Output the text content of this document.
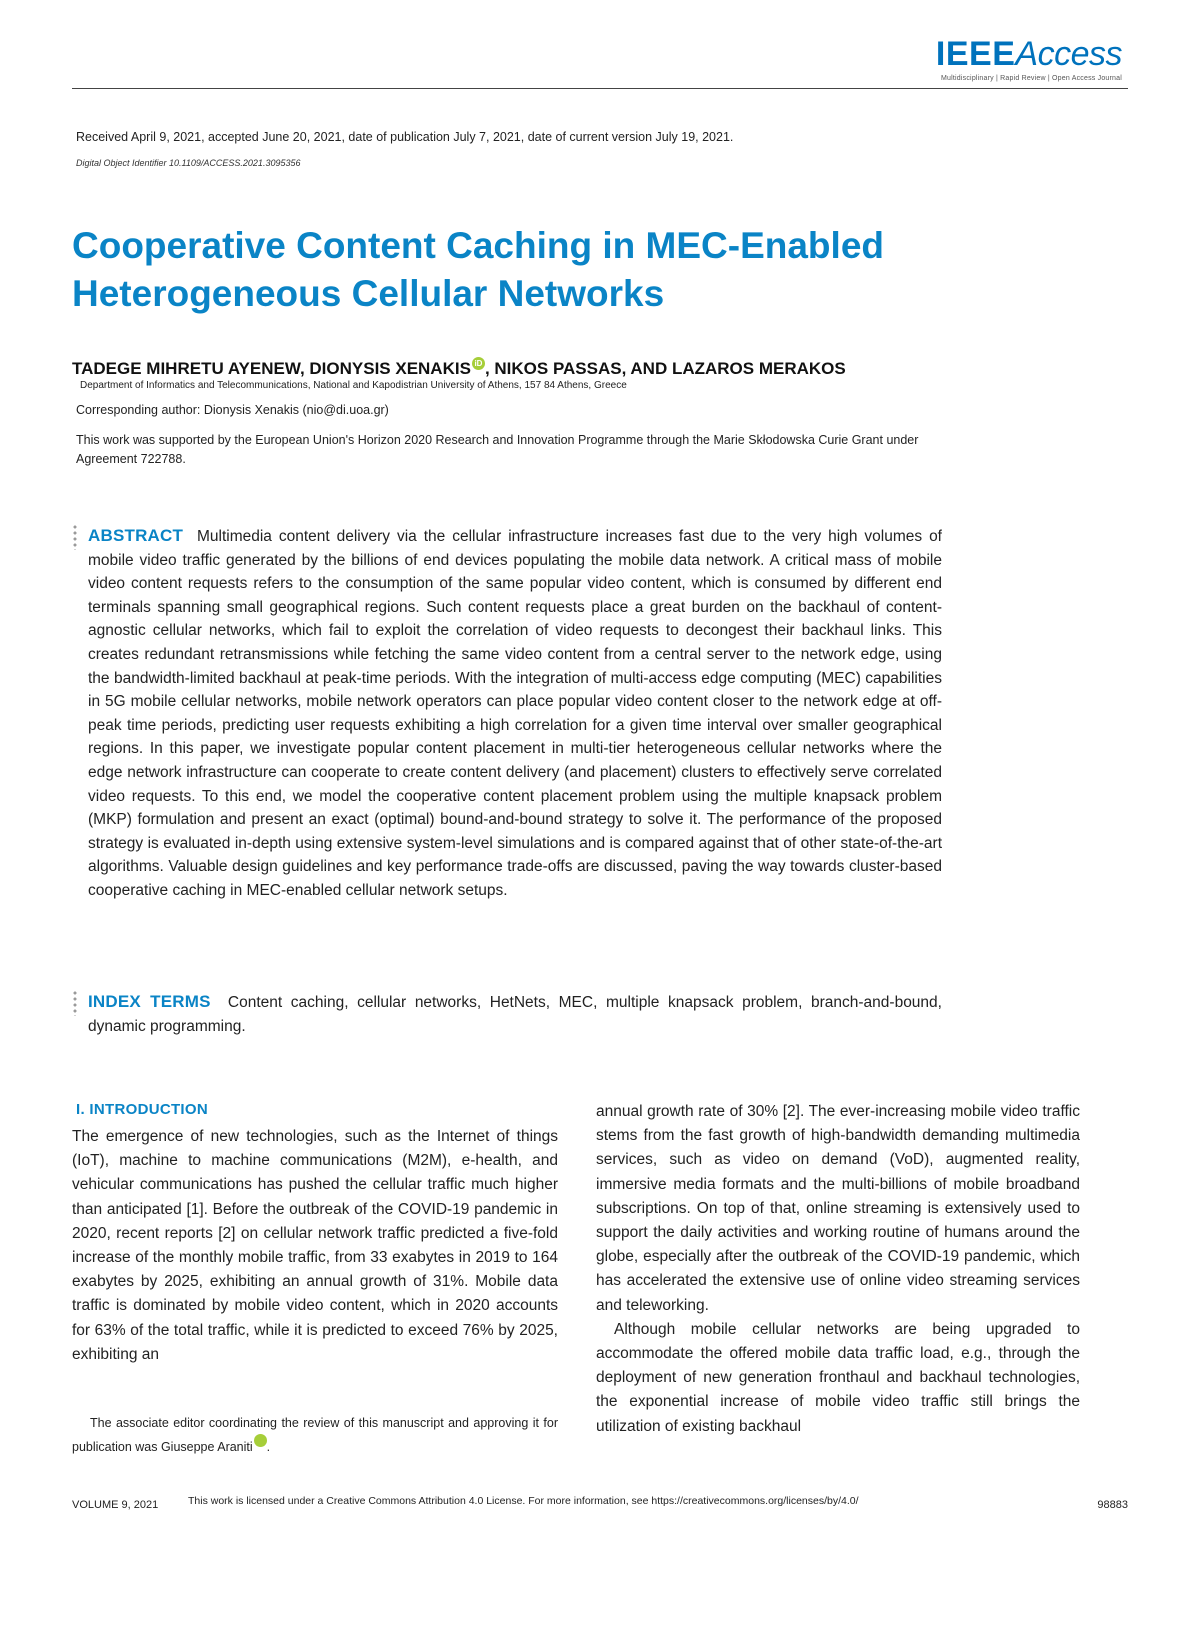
IEEEAccess
Multidisciplinary | Rapid Review | Open Access Journal
Received April 9, 2021, accepted June 20, 2021, date of publication July 7, 2021, date of current version July 19, 2021.
Digital Object Identifier 10.1109/ACCESS.2021.3095356
Cooperative Content Caching in MEC-Enabled Heterogeneous Cellular Networks
TADEGE MIHRETU AYENEW, DIONYSIS XENAKIS iD , NIKOS PASSAS, AND LAZAROS MERAKOS
Department of Informatics and Telecommunications, National and Kapodistrian University of Athens, 157 84 Athens, Greece
Corresponding author: Dionysis Xenakis (nio@di.uoa.gr)
This work was supported by the European Union's Horizon 2020 Research and Innovation Programme through the Marie Skłodowska Curie Grant under Agreement 722788.
ABSTRACT Multimedia content delivery via the cellular infrastructure increases fast due to the very high volumes of mobile video traffic generated by the billions of end devices populating the mobile data network. A critical mass of mobile video content requests refers to the consumption of the same popular video content, which is consumed by different end terminals spanning small geographical regions. Such content requests place a great burden on the backhaul of content-agnostic cellular networks, which fail to exploit the correlation of video requests to decongest their backhaul links. This creates redundant retransmissions while fetching the same video content from a central server to the network edge, using the bandwidth-limited backhaul at peak-time periods. With the integration of multi-access edge computing (MEC) capabilities in 5G mobile cellular networks, mobile network operators can place popular video content closer to the network edge at off-peak time periods, predicting user requests exhibiting a high correlation for a given time interval over smaller geographical regions. In this paper, we investigate popular content placement in multi-tier heterogeneous cellular networks where the edge network infrastructure can cooperate to create content delivery (and placement) clusters to effectively serve correlated video requests. To this end, we model the cooperative content placement problem using the multiple knapsack problem (MKP) formulation and present an exact (optimal) bound-and-bound strategy to solve it. The performance of the proposed strategy is evaluated in-depth using extensive system-level simulations and is compared against that of other state-of-the-art algorithms. Valuable design guidelines and key performance trade-offs are discussed, paving the way towards cluster-based cooperative caching in MEC-enabled cellular network setups.
INDEX TERMS Content caching, cellular networks, HetNets, MEC, multiple knapsack problem, branch-and-bound, dynamic programming.
I. INTRODUCTION

The emergence of new technologies, such as the Internet of things (IoT), machine to machine communications (M2M), e-health, and vehicular communications has pushed the cellular traffic much higher than anticipated [1]. Before the outbreak of the COVID-19 pandemic in 2020, recent reports [2] on cellular network traffic predicted a five-fold increase of the monthly mobile traffic, from 33 exabytes in 2019 to 164 exabytes by 2025, exhibiting an annual growth of 31%. Mobile data traffic is dominated by mobile video content, which in 2020 accounts for 63% of the total traffic, while it is predicted to exceed 76% by 2025, exhibiting an

annual growth rate of 30% [2]. The ever-increasing mobile video traffic stems from the fast growth of high-bandwidth demanding multimedia services, such as video on demand (VoD), augmented reality, immersive media formats and the multi-billions of mobile broadband subscriptions. On top of that, online streaming is extensively used to support the daily activities and working routine of humans around the globe, especially after the outbreak of the COVID-19 pandemic, which has accelerated the extensive use of online video streaming services and teleworking.

Although mobile cellular networks are being upgraded to accommodate the offered mobile data traffic load, e.g., through the deployment of new generation fronthaul and backhaul technologies, the exponential increase of mobile video traffic still brings the utilization of existing backhaul

The associate editor coordinating the review of this manuscript and approving it for publication was Giuseppe Araniti iD.
VOLUME 9, 2021	This work is licensed under a Creative Commons Attribution 4.0 License. For more information, see https://creativecommons.org/licenses/by/4.0/	98883
